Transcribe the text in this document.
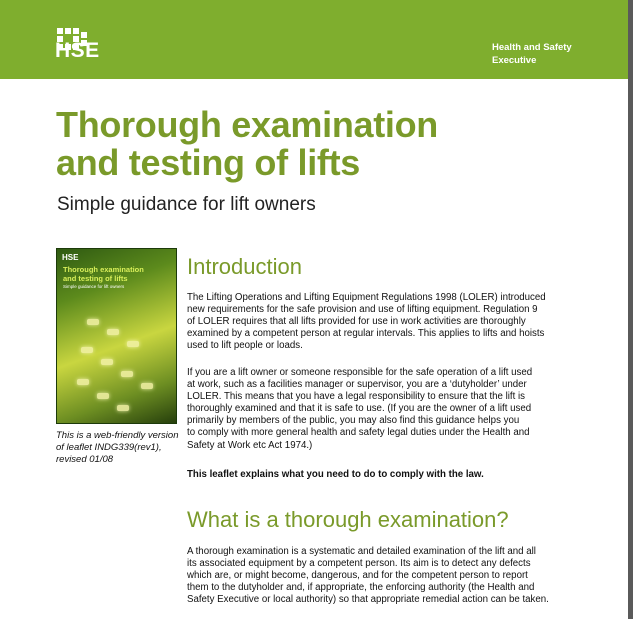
HSE	Health and Safety
Executive
Thorough examination
and testing of lifts
Simple guidance for lift owners
HSE
Thorough examination
and testing of lifts
Simple guidance for lift owners
This is a web-friendly version
of leaflet INDG339(rev1),
revised 01/08
Introduction
The Lifting Operations and Lifting Equipment Regulations 1998 (LOLER) introduced
new requirements for the safe provision and use of lifting equipment. Regulation 9
of LOLER requires that all lifts provided for use in work activities are thoroughly
examined by a competent person at regular intervals. This applies to lifts and hoists
used to lift people or loads.
If you are a lift owner or someone responsible for the safe operation of a lift used
at work, such as a facilities manager or supervisor, you are a ‘dutyholder’ under
LOLER. This means that you have a legal responsibility to ensure that the lift is
thoroughly examined and that it is safe to use. (If you are the owner of a lift used
primarily by members of the public, you may also find this guidance helps you
to comply with more general health and safety legal duties under the Health and
Safety at Work etc Act 1974.)
This leaflet explains what you need to do to comply with the law.
What is a thorough examination?
A thorough examination is a systematic and detailed examination of the lift and all
its associated equipment by a competent person. Its aim is to detect any defects
which are, or might become, dangerous, and for the competent person to report
them to the dutyholder and, if appropriate, the enforcing authority (the Health and
Safety Executive or local authority) so that appropriate remedial action can be taken.
